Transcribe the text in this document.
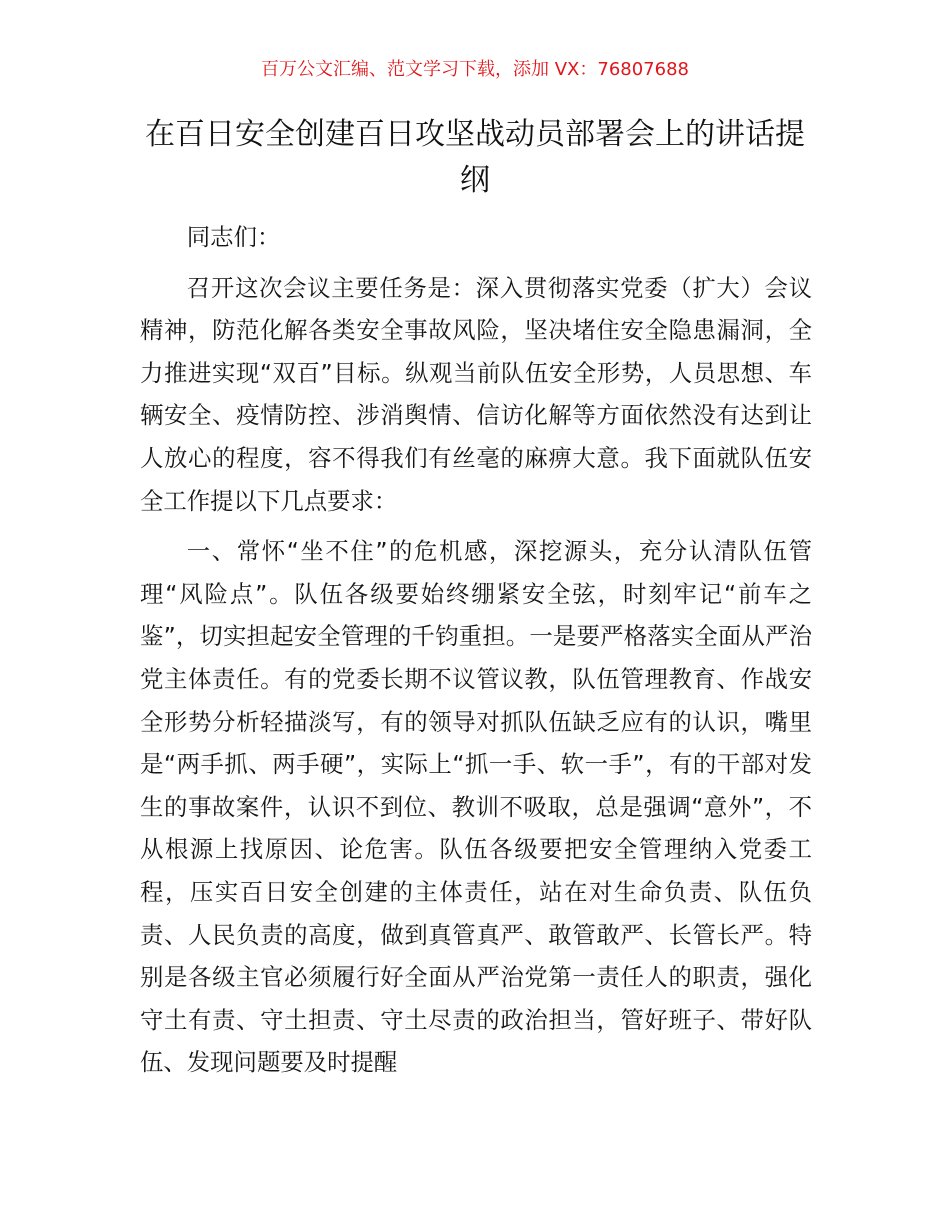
百万公文汇编、范文学习下载，添加 VX：76807688
在百日安全创建百日攻坚战动员部署会上的讲话提纲

同志们：

召开这次会议主要任务是：深入贯彻落实党委（扩大）会议精神，防范化解各类安全事故风险，坚决堵住安全隐患漏洞，全力推进实现“双百”目标。纵观当前队伍安全形势，人员思想、车辆安全、疫情防控、涉消舆情、信访化解等方面依然没有达到让人放心的程度，容不得我们有丝毫的麻痹大意。我下面就队伍安全工作提以下几点要求：

一、常怀“坐不住”的危机感，深挖源头，充分认清队伍管理“风险点”。队伍各级要始终绷紧安全弦，时刻牢记“前车之鉴”，切实担起安全管理的千钧重担。一是要严格落实全面从严治党主体责任。有的党委长期不议管议教，队伍管理教育、作战安全形势分析轻描淡写，有的领导对抓队伍缺乏应有的认识，嘴里是“两手抓、两手硬”，实际上“抓一手、软一手”，有的干部对发生的事故案件，认识不到位、教训不吸取，总是强调“意外”，不从根源上找原因、论危害。队伍各级要把安全管理纳入党委工程，压实百日安全创建的主体责任，站在对生命负责、队伍负责、人民负责的高度，做到真管真严、敢管敢严、长管长严。特别是各级主官必须履行好全面从严治党第一责任人的职责，强化守土有责、守土担责、守土尽责的政治担当，管好班子、带好队伍、发现问题要及时提醒
